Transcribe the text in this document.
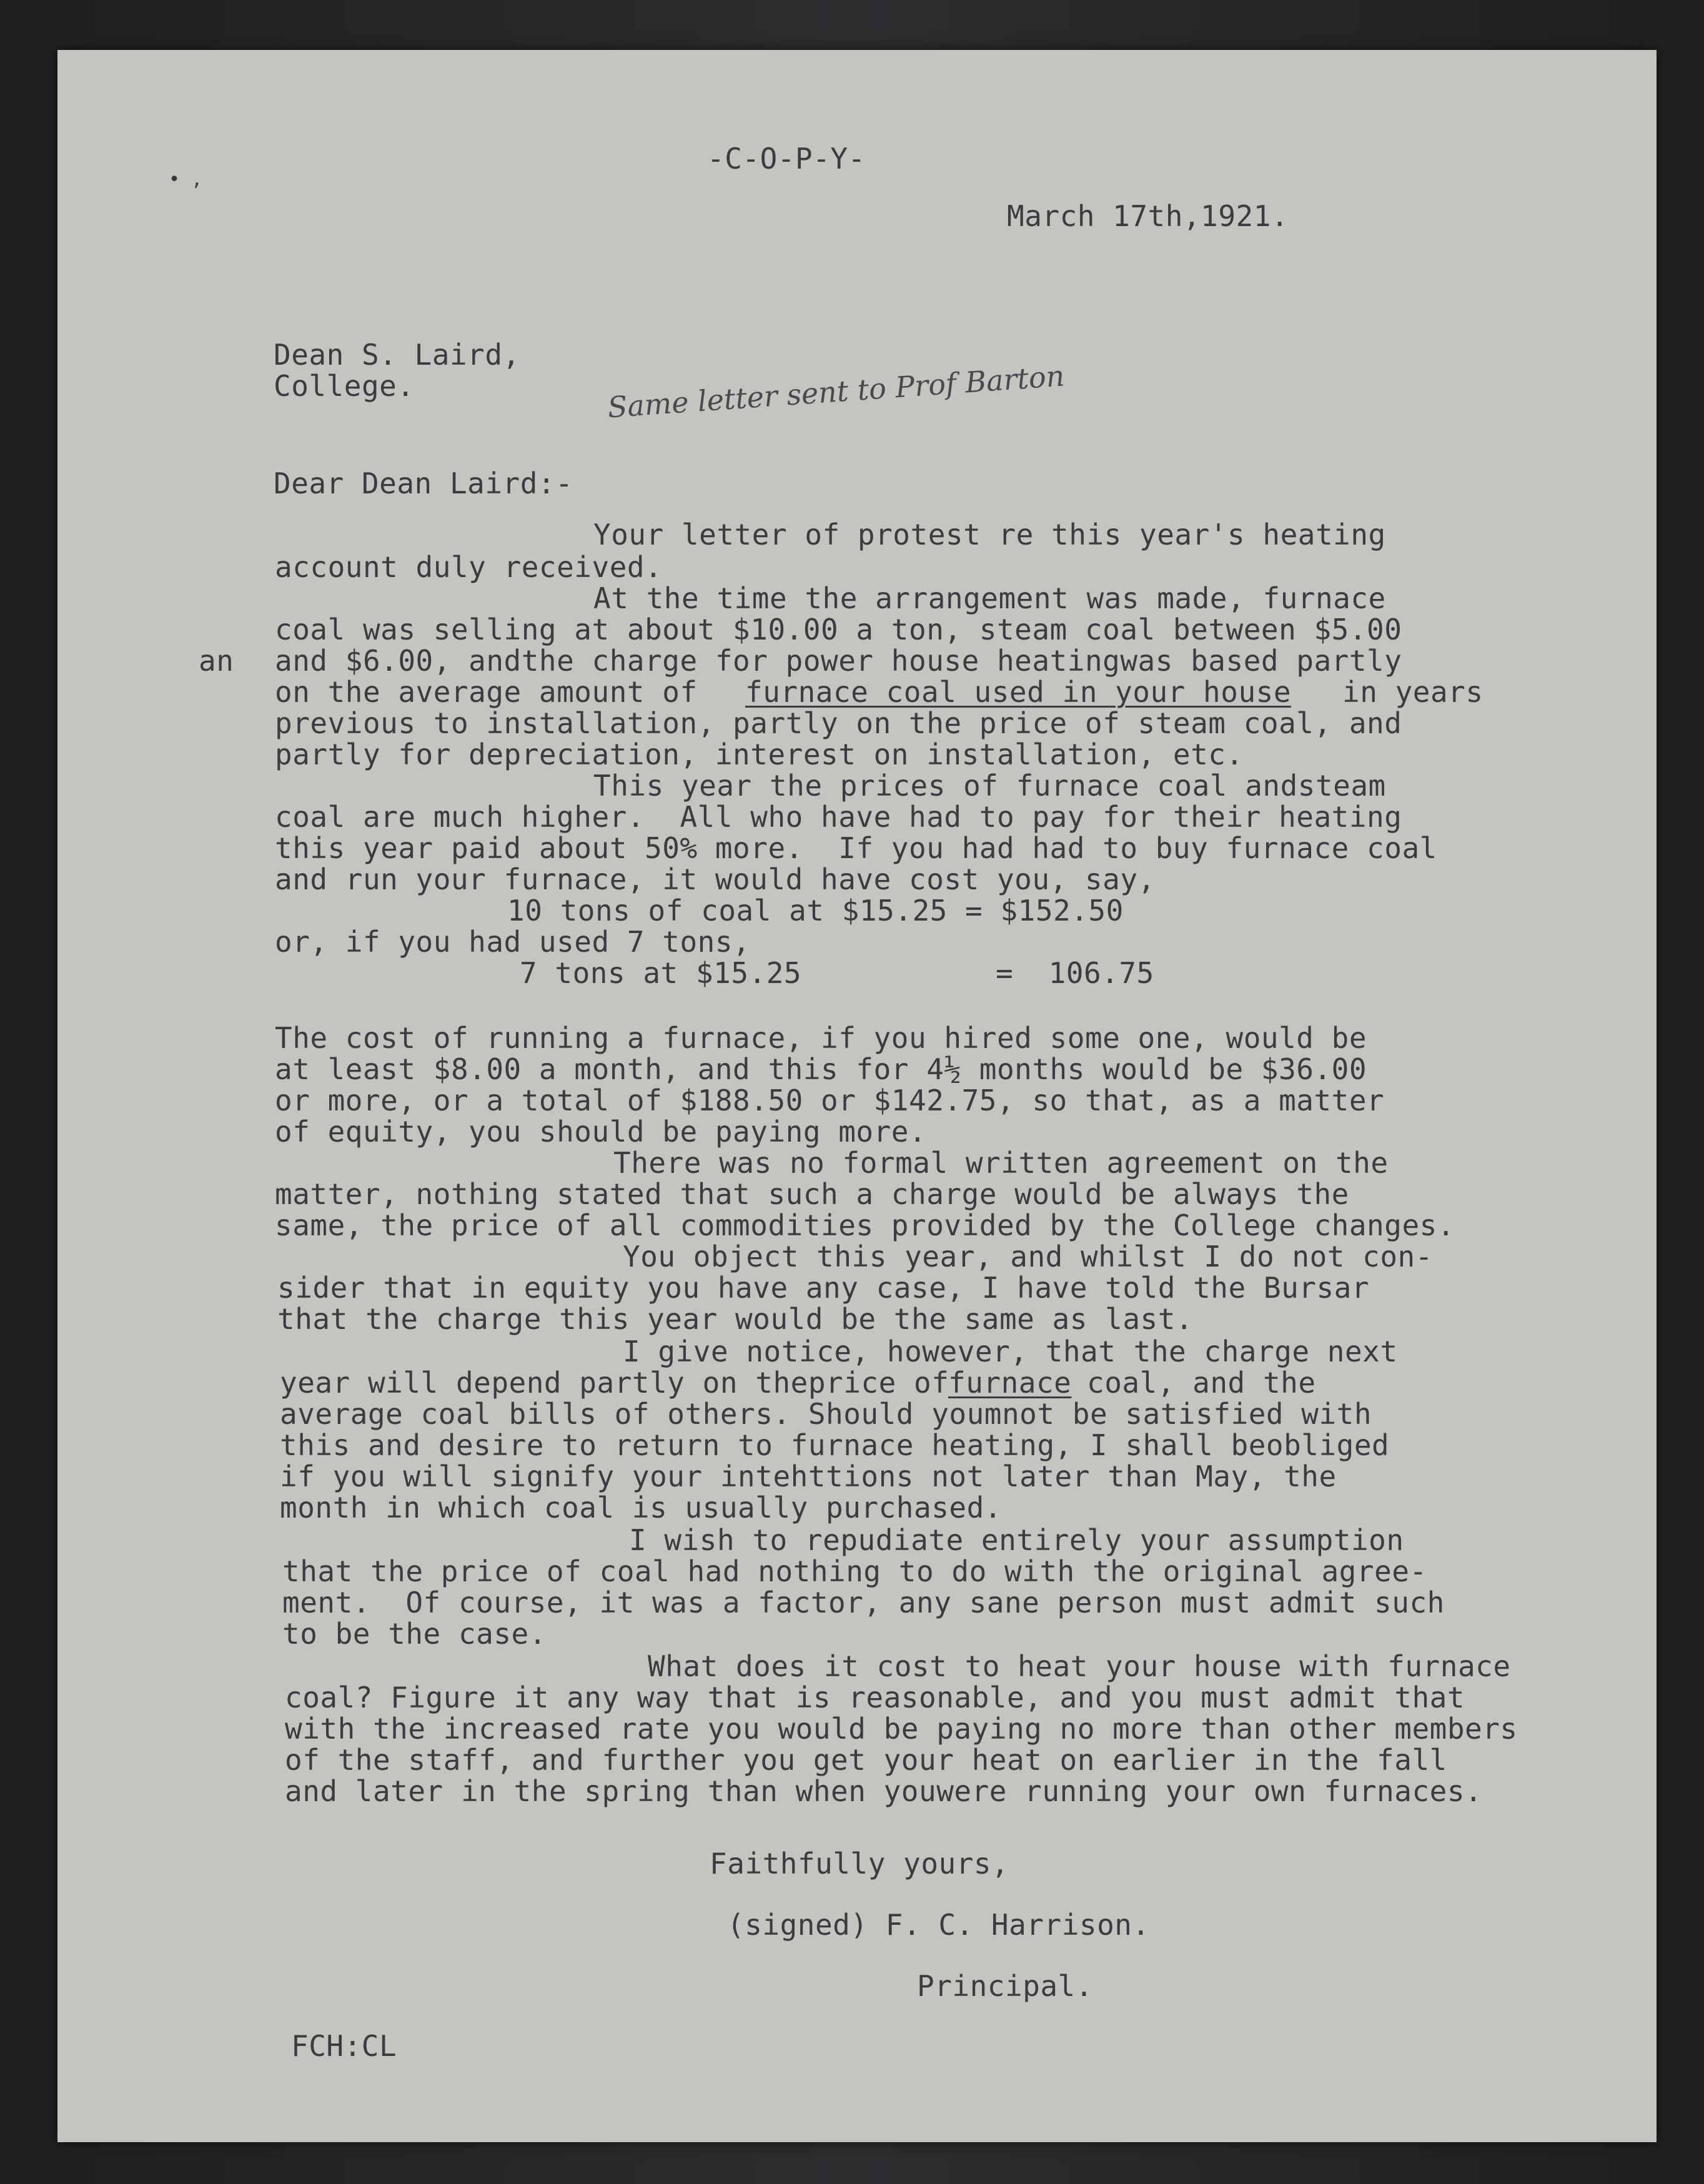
• ,
-C-O-P-Y-
March 17th,1921.
Dean S. Laird,
College.	Same letter sent to Prof Barton
Dear Dean Laird:-
Your letter of protest re this year's heating
account duly received.
At the time the arrangement was made, furnace
coal was selling at about $10.00 a ton, steam coal between $5.00
an and $6.00, andthe charge for power house heatingwas based partly
on the average amount of furnace coal used in your house in years
previous to installation, partly on the price of steam coal, and
partly for depreciation, interest on installation, etc.
This year the prices of furnace coal andsteam
coal are much higher.  All who have had to pay for their heating
this year paid about 50% more.  If you had had to buy furnace coal
and run your furnace, it would have cost you, say,
10 tons of coal at $15.25 = $152.50
or, if you had used 7 tons,
7 tons at $15.25	=  106.75
The cost of running a furnace, if you hired some one, would be
at least $8.00 a month, and this for 4½ months would be $36.00
or more, or a total of $188.50 or $142.75, so that, as a matter
of equity, you should be paying more.
There was no formal written agreement on the
matter, nothing stated that such a charge would be always the
same, the price of all commodities provided by the College changes.
You object this year, and whilst I do not con-
sider that in equity you have any case, I have told the Bursar
that the charge this year would be the same as last.
I give notice, however, that the charge next
year will depend partly on theprice of
furnace coal, and the
average coal bills of others. Should youmnot be satisfied with
this and desire to return to furnace heating, I shall beobliged
if you will signify your intehttions not later than May, the
month in which coal is usually purchased.
I wish to repudiate entirely your assumption
that the price of coal had nothing to do with the original agree-
ment.  Of course, it was a factor, any sane person must admit such
to be the case.
What does it cost to heat your house with furnace
coal? Figure it any way that is reasonable, and you must admit that
with the increased rate you would be paying no more than other members
of the staff, and further you get your heat on earlier in the fall
and later in the spring than when youwere running your own furnaces.
Faithfully yours,
(signed) F. C. Harrison.
Principal.
FCH:CL
